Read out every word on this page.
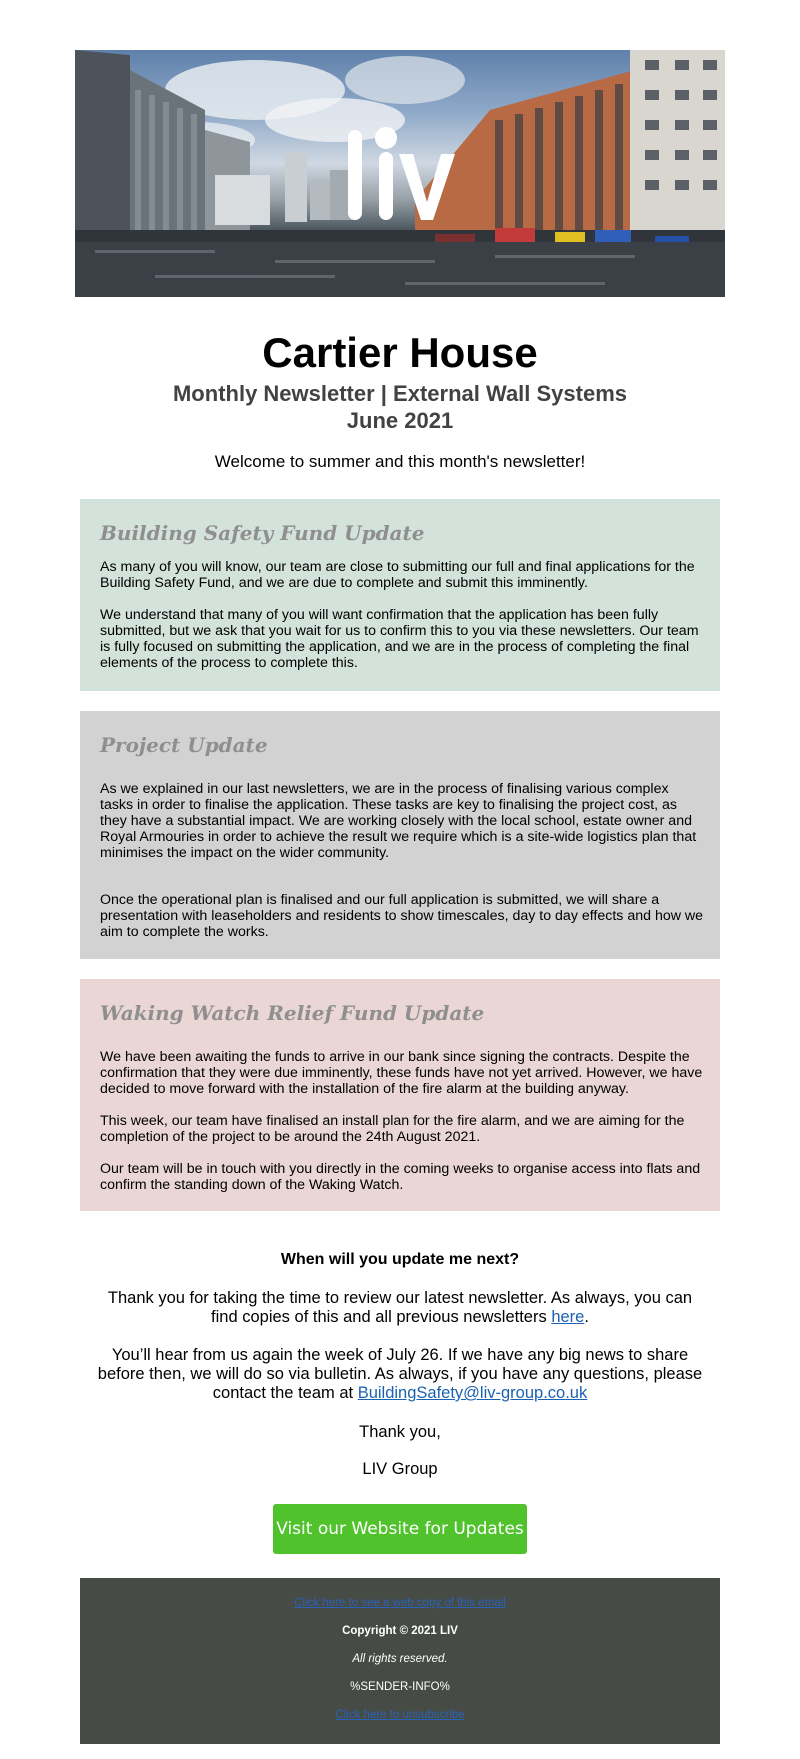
Cartier House
Monthly Newsletter | External Wall Systems
June 2021
Welcome to summer and this month's newsletter!
Building Safety Fund Update

As many of you will know, our team are close to submitting our full and final applications for the Building Safety Fund, and we are due to complete and submit this imminently.

We understand that many of you will want confirmation that the application has been fully submitted, but we ask that you wait for us to confirm this to you via these newsletters. Our team is fully focused on submitting the application, and we are in the process of completing the final elements of the process to complete this.

Project Update

As we explained in our last newsletters, we are in the process of finalising various complex tasks in order to finalise the application. These tasks are key to finalising the project cost, as they have a substantial impact. We are working closely with the local school, estate owner and Royal Armouries in order to achieve the result we require which is a site-wide logistics plan that minimises the impact on the wider community.

Once the operational plan is finalised and our full application is submitted, we will share a presentation with leaseholders and residents to show timescales, day to day effects and how we aim to complete the works.

Waking Watch Relief Fund Update

We have been awaiting the funds to arrive in our bank since signing the contracts. Despite the confirmation that they were due imminently, these funds have not yet arrived. However, we have decided to move forward with the installation of the fire alarm at the building anyway.

This week, our team have finalised an install plan for the fire alarm, and we are aiming for the completion of the project to be around the 24th August 2021.

Our team will be in touch with you directly in the coming weeks to organise access into flats and confirm the standing down of the Waking Watch.

When will you update me next?
Thank you for taking the time to review our latest newsletter. As always, you can find copies of this and all previous newsletters here.
You’ll hear from us again the week of July 26. If we have any big news to share before then, we will do so via bulletin. As always, if you have any questions, please contact the team at BuildingSafety@liv-group.co.uk
Thank you,
LIV Group
Visit our Website for Updates
Click here to see a web copy of this email
Copyright © 2021 LIV
All rights reserved.
%SENDER-INFO%
Click here to unsubscribe
